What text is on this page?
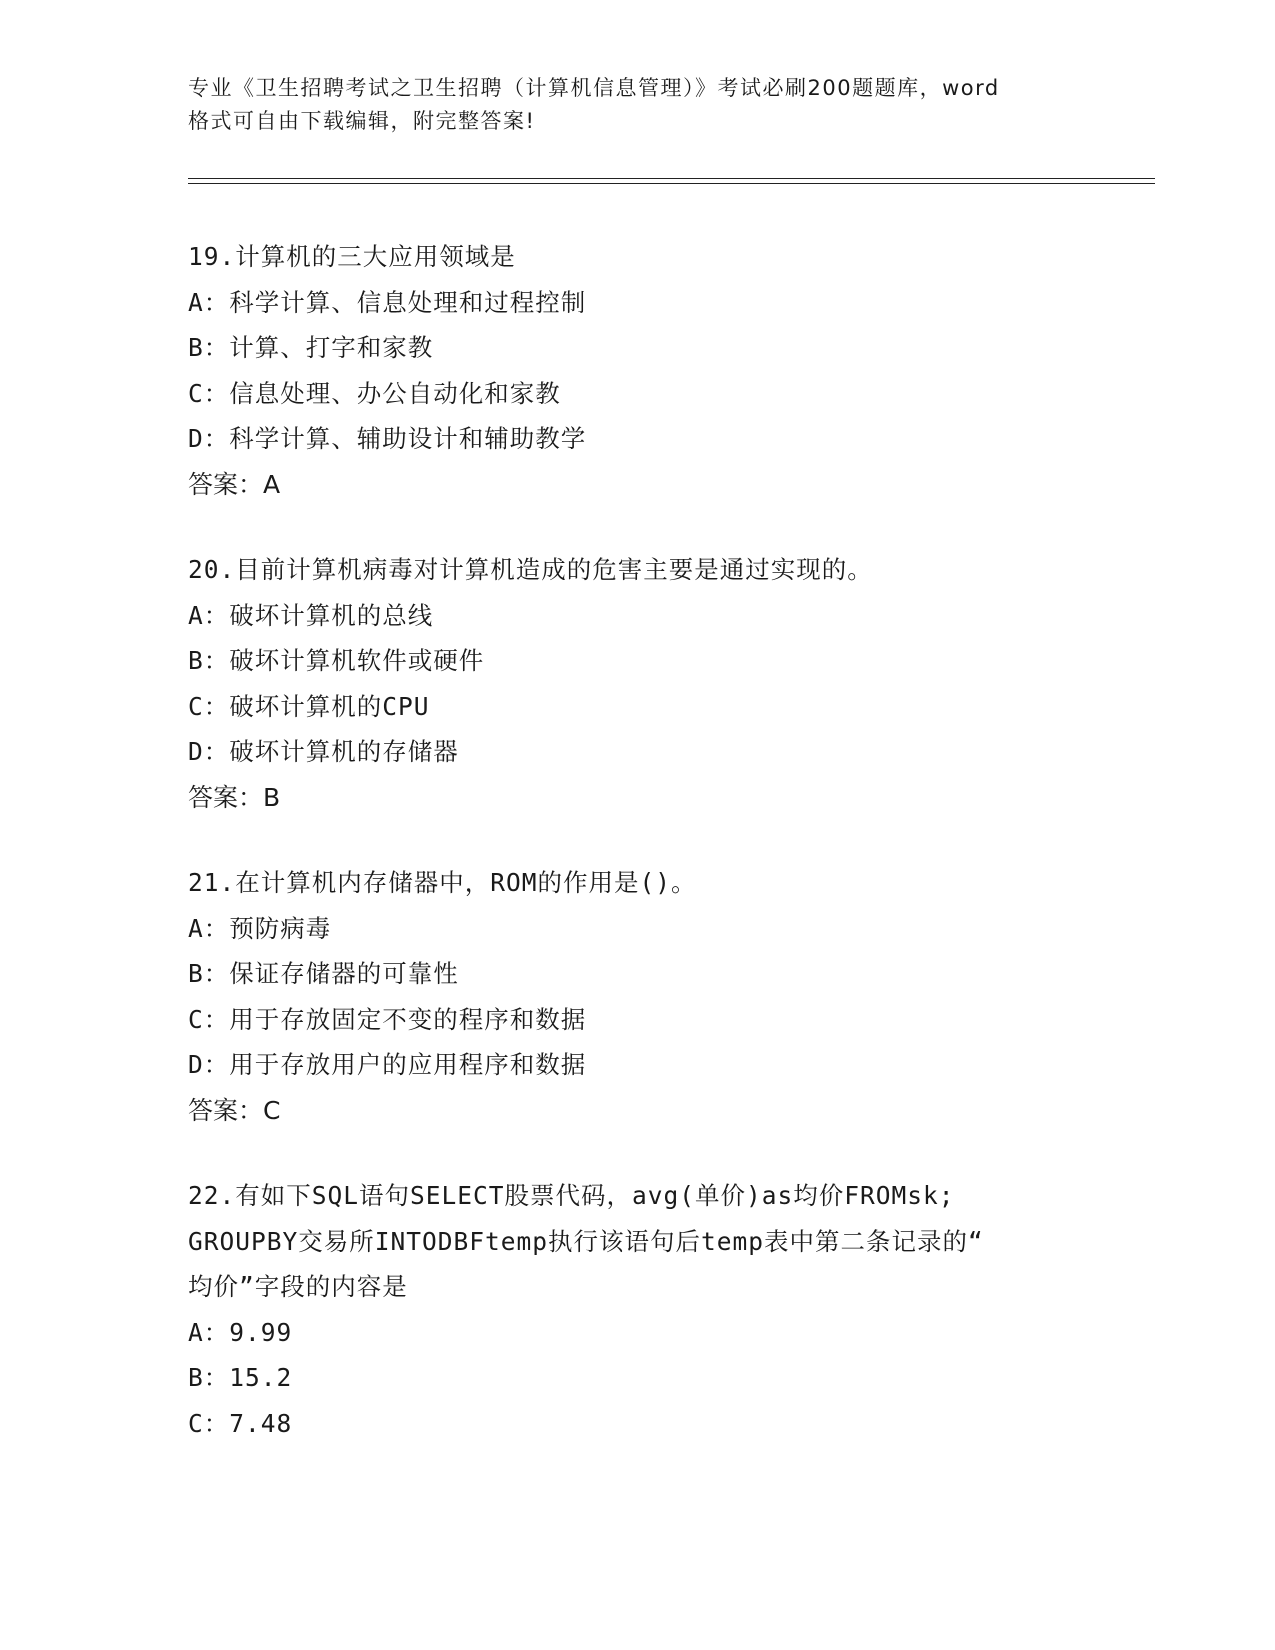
专业《卫生招聘考试之卫生招聘（计算机信息管理）》考试必刷200题题库，word
格式可自由下载编辑，附完整答案!
19.计算机的三大应用领域是
A：科学计算、信息处理和过程控制
B：计算、打字和家教
C：信息处理、办公自动化和家教
D：科学计算、辅助设计和辅助教学
答案：A
20.目前计算机病毒对计算机造成的危害主要是通过实现的。
A：破坏计算机的总线
B：破坏计算机软件或硬件
C：破坏计算机的CPU
D：破坏计算机的存储器
答案：B
21.在计算机内存储器中，ROM的作用是()。
A：预防病毒
B：保证存储器的可靠性
C：用于存放固定不变的程序和数据
D：用于存放用户的应用程序和数据
答案：C
22.有如下SQL语句SELECT股票代码，avg(单价)as均价FROMsk;
GROUPBY交易所INTODBFtemp执行该语句后temp表中第二条记录的“
均价”字段的内容是
A：9.99
B：15.2
C：7.48
